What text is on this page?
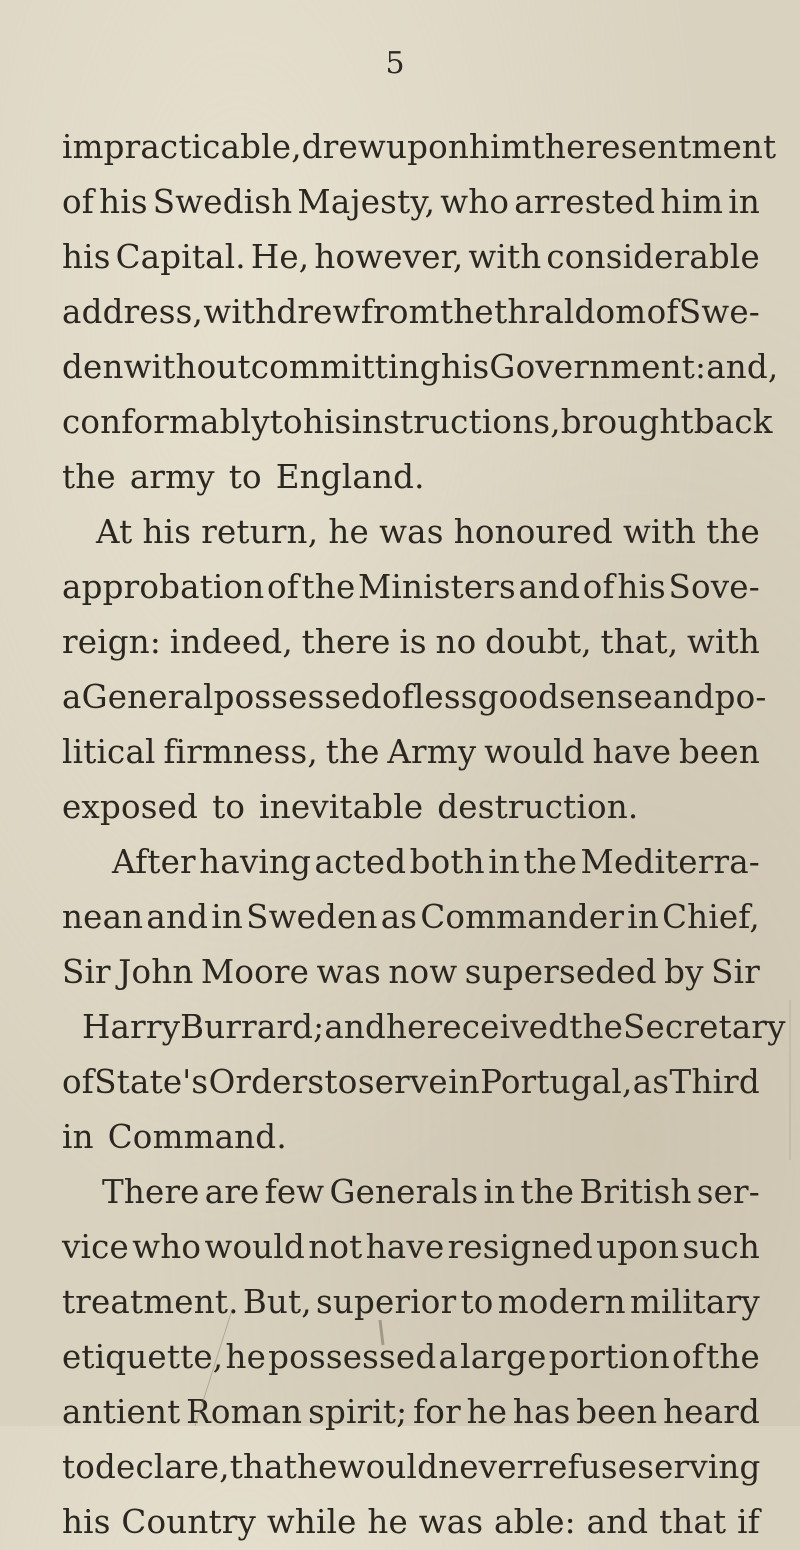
5
impracticable, drew upon him the resentment
of his Swedish Majesty, who arrested him in
his Capital. He, however, with considerable
address, withdrew from the thraldom of Swe-
den without committing his Government: and,
conformably to his instructions, brought back
the army to England.
At his return, he was honoured with the
approbation of the Ministers and of his Sove-
reign: indeed, there is no doubt, that, with
a General possessed of less good sense and po-
litical firmness, the Army would have been
exposed to inevitable destruction.
After having acted both in the Mediterra-
nean and in Sweden as Commander in Chief,
Sir John Moore was now superseded by Sir
Harry Burrard; and he received the Secretary
of State's Orders to serve in Portugal, as Third
in Command.
There are few Generals in the British ser-
vice who would not have resigned upon such
treatment. But, superior to modern military
etiquette, he possessed a large portion of the
antient Roman spirit; for he has been heard
to declare, that he would never refuse serving
his Country while he was able: and that if
